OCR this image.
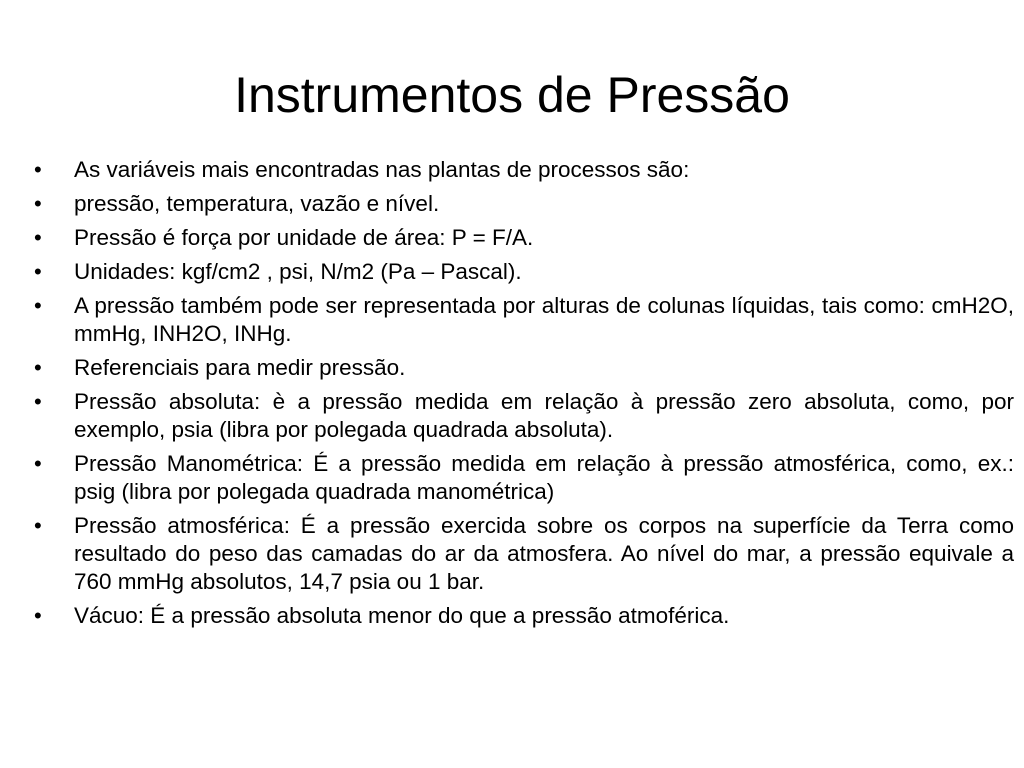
Instrumentos de Pressão
•	As variáveis mais encontradas nas plantas de processos são:
•	pressão, temperatura, vazão e nível.
•	Pressão é força por unidade de área: P = F/A.
•	Unidades: kgf/cm2 , psi, N/m2 (Pa – Pascal).
•	A pressão também pode ser representada por alturas de colunas líquidas, tais como: cmH2O, mmHg, INH2O, INHg.
•	Referenciais para medir pressão.
•	Pressão absoluta: è a pressão medida em relação à pressão zero absoluta, como, por exemplo, psia (libra por polegada quadrada absoluta).
•	Pressão Manométrica: É a pressão medida em relação à pressão atmosférica, como, ex.: psig (libra por polegada quadrada manométrica)
•	Pressão atmosférica: É a pressão exercida sobre os corpos na superfície da Terra como resultado do peso das camadas do ar da atmosfera. Ao nível do mar, a pressão equivale a 760 mmHg absolutos, 14,7 psia ou 1 bar.
•	Vácuo: É a pressão absoluta menor do que a pressão atmoférica.
